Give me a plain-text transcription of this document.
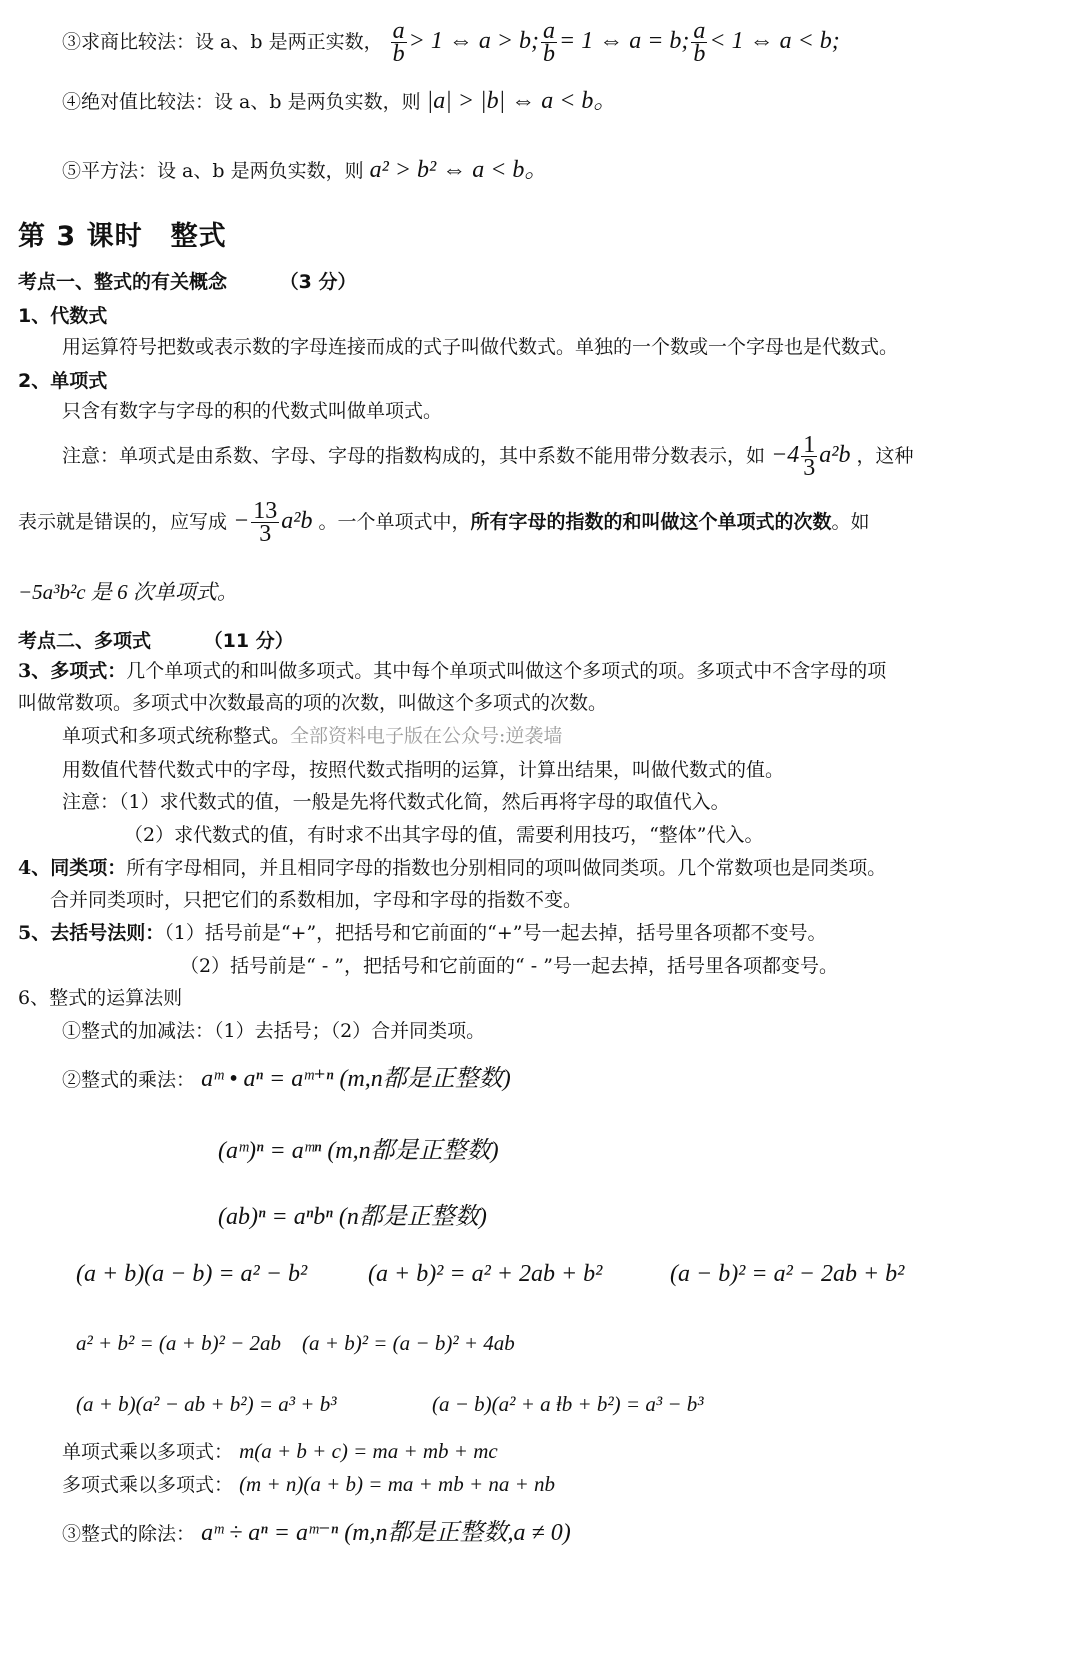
③求商比较法：设 a、b 是两正实数， $\frac{a}{b} > 1$ ⇔ a > b; $\frac{a}{b} = 1$ ⇔ a = b; $\frac{a}{b} < 1$ ⇔ a < b;
④绝对值比较法：设 a、b 是两负实数，则 |a| > |b| ⇔ a < b。
⑤平方法：设 a、b 是两负实数，则 a² > b² ⇔ a < b。
第 3 课时　整式
考点一、整式的有关概念	（3 分）
1、代数式
用运算符号把数或表示数的字母连接而成的式子叫做代数式。单独的一个数或一个字母也是代数式。
2、单项式
只含有数字与字母的积的代数式叫做单项式。
注意：单项式是由系数、字母、字母的指数构成的，其中系数不能用带分数表示，如 $-4 \frac{1}{3} a^2b$ ，这种
表示就是错误的，应写成 − $\frac{13}{3} a^2b$ 。一个单项式中，所有字母的指数的和叫做这个单项式的次数。如
−5a³b²c 是 6 次单项式。
考点二、多项式	（11 分）
3、多项式：几个单项式的和叫做多项式。其中每个单项式叫做这个多项式的项。多项式中不含字母的项
叫做常数项。多项式中次数最高的项的次数，叫做这个多项式的次数。
单项式和多项式统称整式。全部资料电子版在公众号:逆袭墙
用数值代替代数式中的字母，按照代数式指明的运算，计算出结果，叫做代数式的值。
注意：（1）求代数式的值，一般是先将代数式化简，然后再将字母的取值代入。
（2）求代数式的值，有时求不出其字母的值，需要利用技巧，“整体”代入。
4、同类项：所有字母相同，并且相同字母的指数也分别相同的项叫做同类项。几个常数项也是同类项。
合并同类项时，只把它们的系数相加，字母和字母的指数不变。
5、去括号法则：（1）括号前是“+”，把括号和它前面的“+”号一起去掉，括号里各项都不变号。
（2）括号前是“ - ”，把括号和它前面的“ - ”号一起去掉，括号里各项都变号。
6、整式的运算法则
①整式的加减法：（1）去括号；（2）合并同类项。
②整式的乘法： aᵐ • aⁿ = aᵐ⁺ⁿ (m,n都是正整数)
(aᵐ)ⁿ = aᵐⁿ (m,n都是正整数)
(ab)ⁿ = aⁿbⁿ (n都是正整数)
(a + b)(a − b) = a² − b²	(a + b)² = a² + 2ab + b²	(a − b)² = a² − 2ab + b²
a² + b² = (a + b)² − 2ab　(a + b)² = (a − b)² + 4ab
(a + b)(a² − ab + b²) = a³ + b³	(a − b)(a² + a ⱡb + b²) = a³ − b³
单项式乘以多项式： m(a + b + c) = ma + mb + mc
多项式乘以多项式： (m + n)(a + b) = ma + mb + na + nb
③整式的除法： aᵐ ÷ aⁿ = aᵐ⁻ⁿ (m,n都是正整数,a ≠ 0)
